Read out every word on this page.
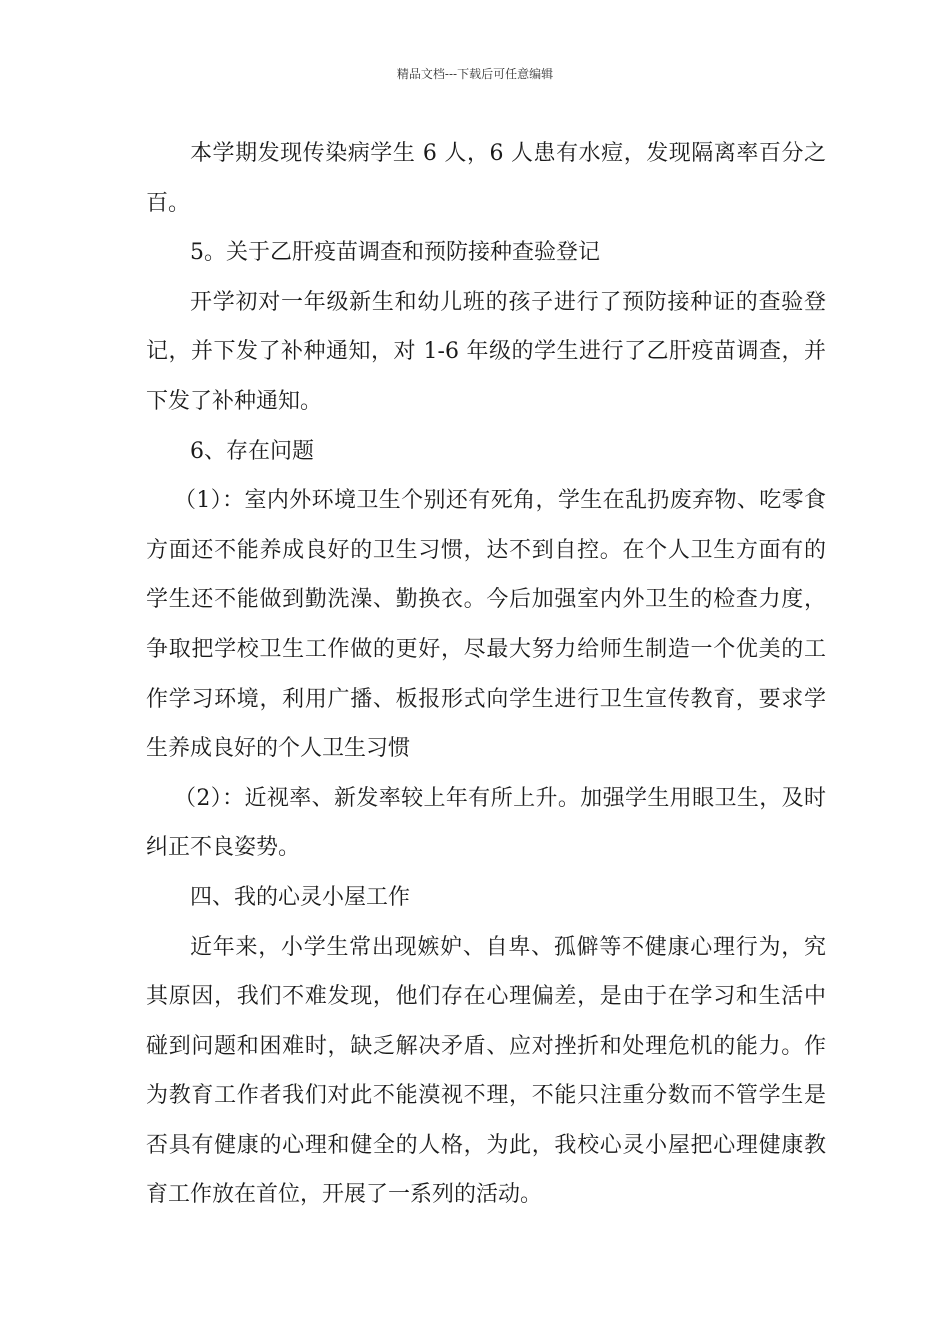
精品文档---下载后可任意编辑

本学期发现传染病学生 6 人，6 人患有水痘，发现隔离率百分之百。

5。关于乙肝疫苗调查和预防接种查验登记

开学初对一年级新生和幼儿班的孩子进行了预防接种证的查验登记，并下发了补种通知，对 1-6 年级的学生进行了乙肝疫苗调查，并下发了补种通知。

6、存在问题

（1）：室内外环境卫生个别还有死角，学生在乱扔废弃物、吃零食方面还不能养成良好的卫生习惯，达不到自控。在个人卫生方面有的学生还不能做到勤洗澡、勤换衣。今后加强室内外卫生的检查力度，争取把学校卫生工作做的更好，尽最大努力给师生制造一个优美的工作学习环境，利用广播、板报形式向学生进行卫生宣传教育，要求学生养成良好的个人卫生习惯

（2）：近视率、新发率较上年有所上升。加强学生用眼卫生，及时纠正不良姿势。

四、我的心灵小屋工作

近年来，小学生常出现嫉妒、自卑、孤僻等不健康心理行为，究其原因，我们不难发现，他们存在心理偏差，是由于在学习和生活中碰到问题和困难时，缺乏解决矛盾、应对挫折和处理危机的能力。作为教育工作者我们对此不能漠视不理，不能只注重分数而不管学生是否具有健康的心理和健全的人格，为此，我校心灵小屋把心理健康教育工作放在首位，开展了一系列的活动。
